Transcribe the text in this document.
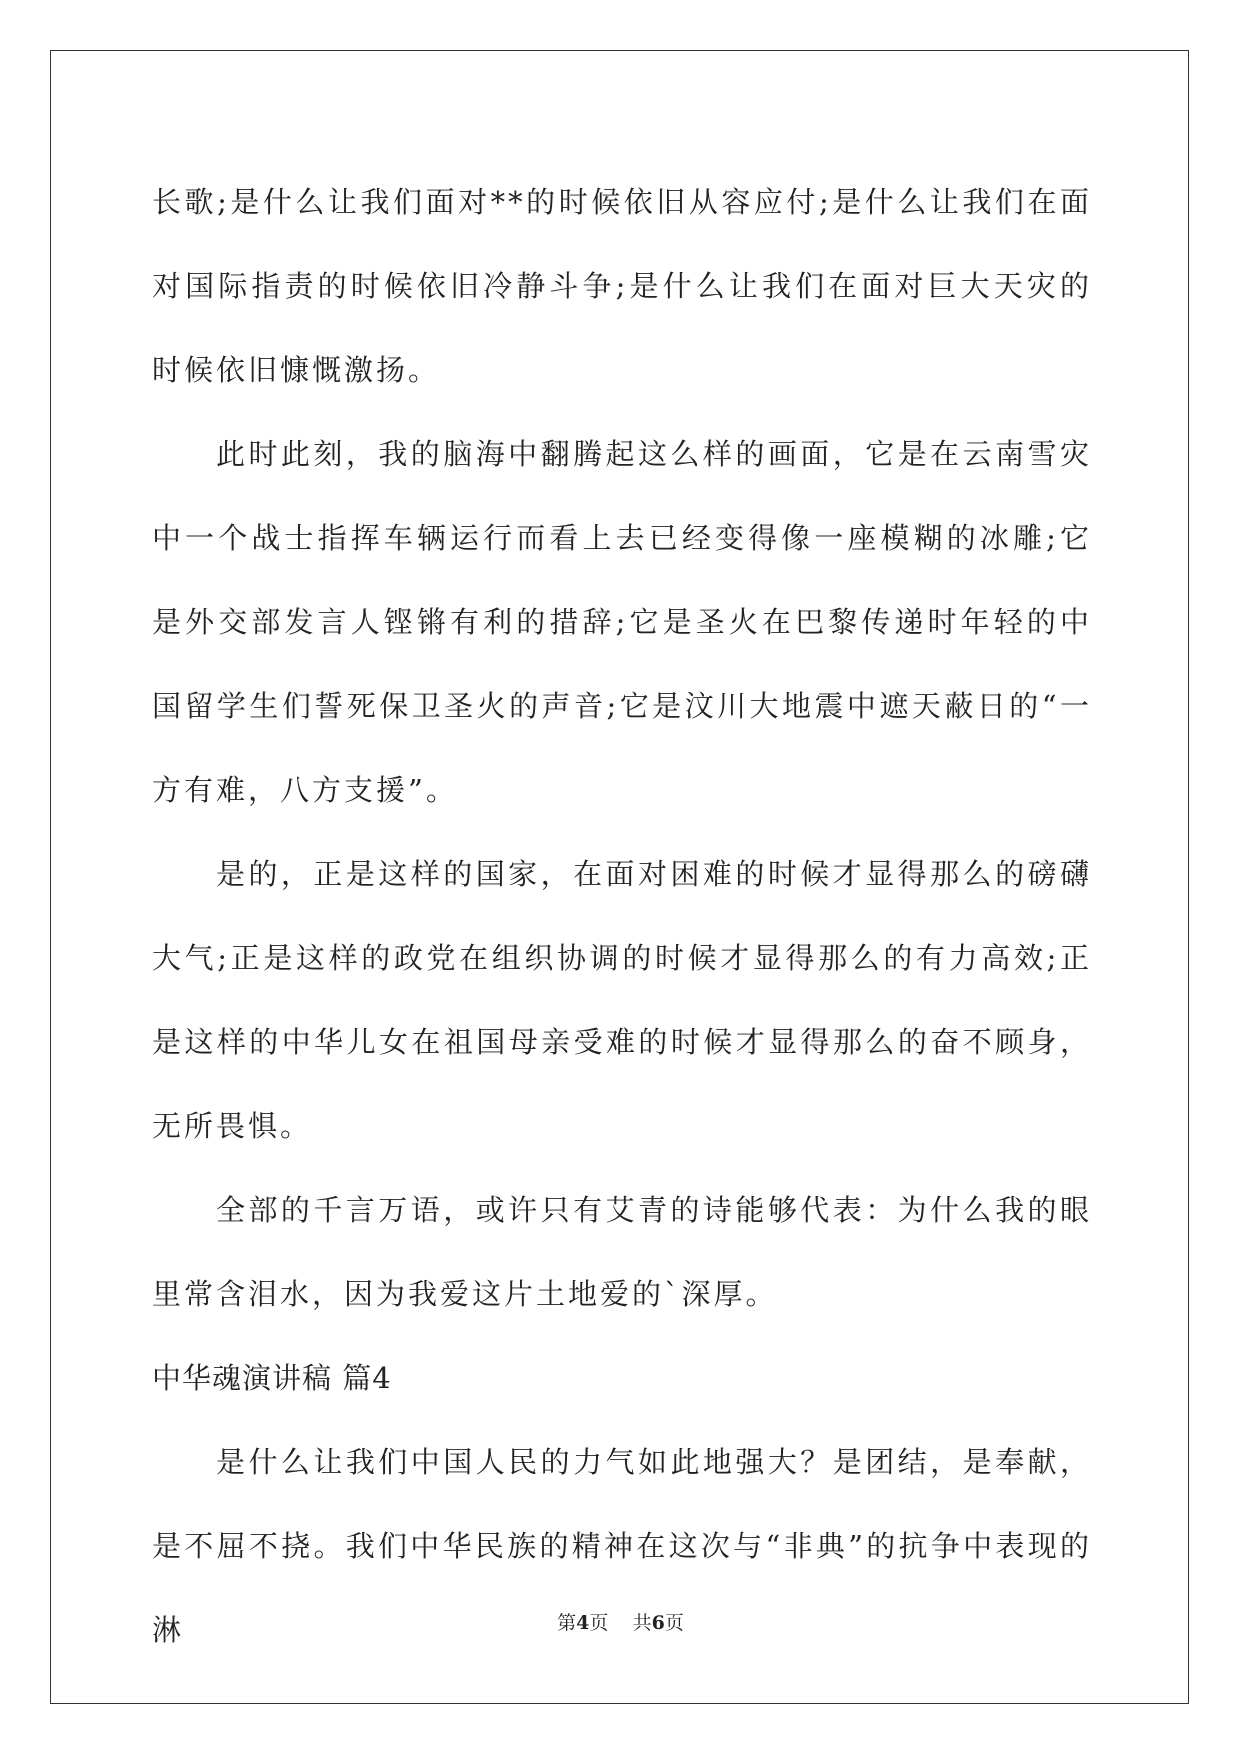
长歌;是什么让我们面对**的时候依旧从容应付;是什么让我们在面对国际指责的时候依旧冷静斗争;是什么让我们在面对巨大天灾的时候依旧慷慨激扬。

此时此刻，我的脑海中翻腾起这么样的画面，它是在云南雪灾中一个战士指挥车辆运行而看上去已经变得像一座模糊的冰雕;它是外交部发言人铿锵有利的措辞;它是圣火在巴黎传递时年轻的中国留学生们誓死保卫圣火的声音;它是汶川大地震中遮天蔽日的“一方有难，八方支援”。

是的，正是这样的国家，在面对困难的时候才显得那么的磅礴大气;正是这样的政党在组织协调的时候才显得那么的有力高效;正是这样的中华儿女在祖国母亲受难的时候才显得那么的奋不顾身，无所畏惧。

全部的千言万语，或许只有艾青的诗能够代表：为什么我的眼里常含泪水，因为我爱这片土地爱的`深厚。

中华魂演讲稿 篇4

是什么让我们中国人民的力气如此地强大？是团结，是奉献，是不屈不挠。我们中华民族的精神在这次与“非典”的抗争中表现的淋	第4页 共6页
